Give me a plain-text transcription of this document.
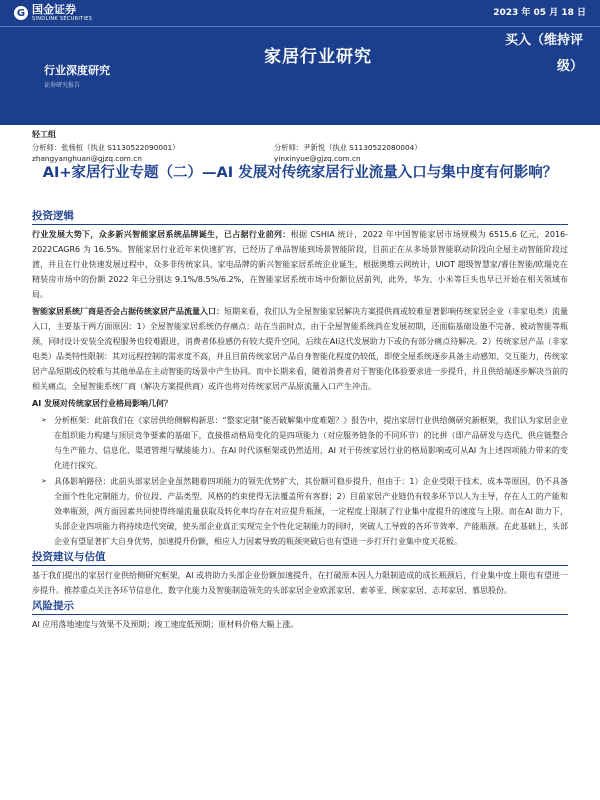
G 国金证券
SINOLINK SECURITIES
2023 年 05 月 18 日
家居行业研究
买入（维持评
级）
行业深度研究
证券研究报告
轻工组
分析师：张杨桓（执业 S1130522090001）	分析师：尹新悦（执业 S1130522080004）
zhangyanghuan@gjzq.com.cn	yinxinyue@gjzq.com.cn
AI+家居行业专题（二）—AI 发展对传统家居行业流量入口与集中度有何影响？
投资逻辑

行业发展大势下，众多新兴智能家居系统品牌诞生，已占据行业前列：根据 CSHIA 统计，2022 年中国智能家居市场规模为 6515.6 亿元，2016-2022CAGR6 为 16.5%。智能家居行业近年来快速扩容，已经历了单品智能到场景智能阶段，目前正在从多场景智能联动阶段向全屋主动智能阶段过渡，并且在行业快速发展过程中，众多非传统家具、家电品牌的新兴智能家居系统企业诞生，根据奥维云网统计，UIOT 超级智慧家/睿住智能/欧瑞克在精装房市场中的份额 2022 年已分别达 9.1%/8.5%/6.2%，在智能家居系统市场中份额位居前列，此外，华为、小米等巨头也早已开始在相关领域布局。

智能家居系统厂商是否会占据传统家居产品流量入口：短期来看，我们认为全屋智能家居解决方案提供商或较难显著影响传统家居企业（非家电类）流量入口，主要基于两方面原因：1）全屋智能家居系统仍存痛点：站在当前时点，由于全屋智能系统尚在发展初期，还面临基础设施不完备、被动智能等瓶颈，同时设计安装全流程服务也较难跟进，消费者体验感仍有较大提升空间，后续在AI这代发展助力下或仍有部分痛点待解决。2）传统家居产品（非家电类）品类特性限制：其对远程控制的需求度不高，并且目前传统家居产品自身智能化程度仍较低，即使全屋系统逐步具备主动感知、交互能力，传统家居产品短期或仍较难与其他单品在主动智能的场景中产生协同。而中长期来看，随着消费者对于智能化体验要求进一步提升，并且供给端逐步解决当前的相关痛点，全屋智能系统厂商（解决方案提供商）或许也将对传统家居产品原流量入口产生冲击。

AI 发展对传统家居行业格局影响几何？

➢ 分析框架：此前我们在《家居供给侧解构新思：“整家定制”能否破解集中度难题？》报告中，提出家居行业供给侧研究新框架，我们认为家居企业在组织能力构建与顶层竞争要素的基础下，直接推动格局变化的是四项能力（对应服务链条的不同环节）的比拼（即产品研发与迭代、供应链整合与生产能力、信息化、渠道管理与赋能能力）。在AI 时代该框架或仍然适用，AI 对于传统家居行业的格局影响或可从AI 为上述四项能力带来的变化进行探究。
➢ 具体影响路径：此前头部家居企业虽然随着四项能力的领先优势扩大，其份额可稳步提升，但由于：1）企业受限于技术、成本等原因，仍不具备全面个性化定制能力，价位段、产品类型、风格的约束使得无法覆盖所有客群；2）目前家居产业链仍有较多环节以人为主导，存在人工的产能和效率瓶颈，两方面因素共同使得终端流量获取及转化率均存在对应提升瓶颈，一定程度上限制了行业集中度提升的速度与上限。而在AI 助力下，头部企业四项能力将持续迭代突破，使头部企业真正实现完全个性化定制能力的同时，突破人工导致的各环节效率、产能瓶颈。在此基础上，头部企业有望显著扩大自身优势，加速提升份额，相应人力因素导致的瓶颈突破后也有望进一步打开行业集中度天花板。
投资建议与估值

基于我们提出的家居行业供给侧研究框架，AI 或将助力头部企业份额加速提升，在打破原本因人力限制造成的成长瓶颈后，行业集中度上限也有望进一步提升。推荐重点关注各环节信息化、数字化能力及智能制造领先的头部家居企业欧派家居、索菲亚、顾家家居、志邦家居、慕思股份。

风险提示

AI 应用落地速度与效果不及预期；竣工速度低预期；原材料价格大幅上涨。
